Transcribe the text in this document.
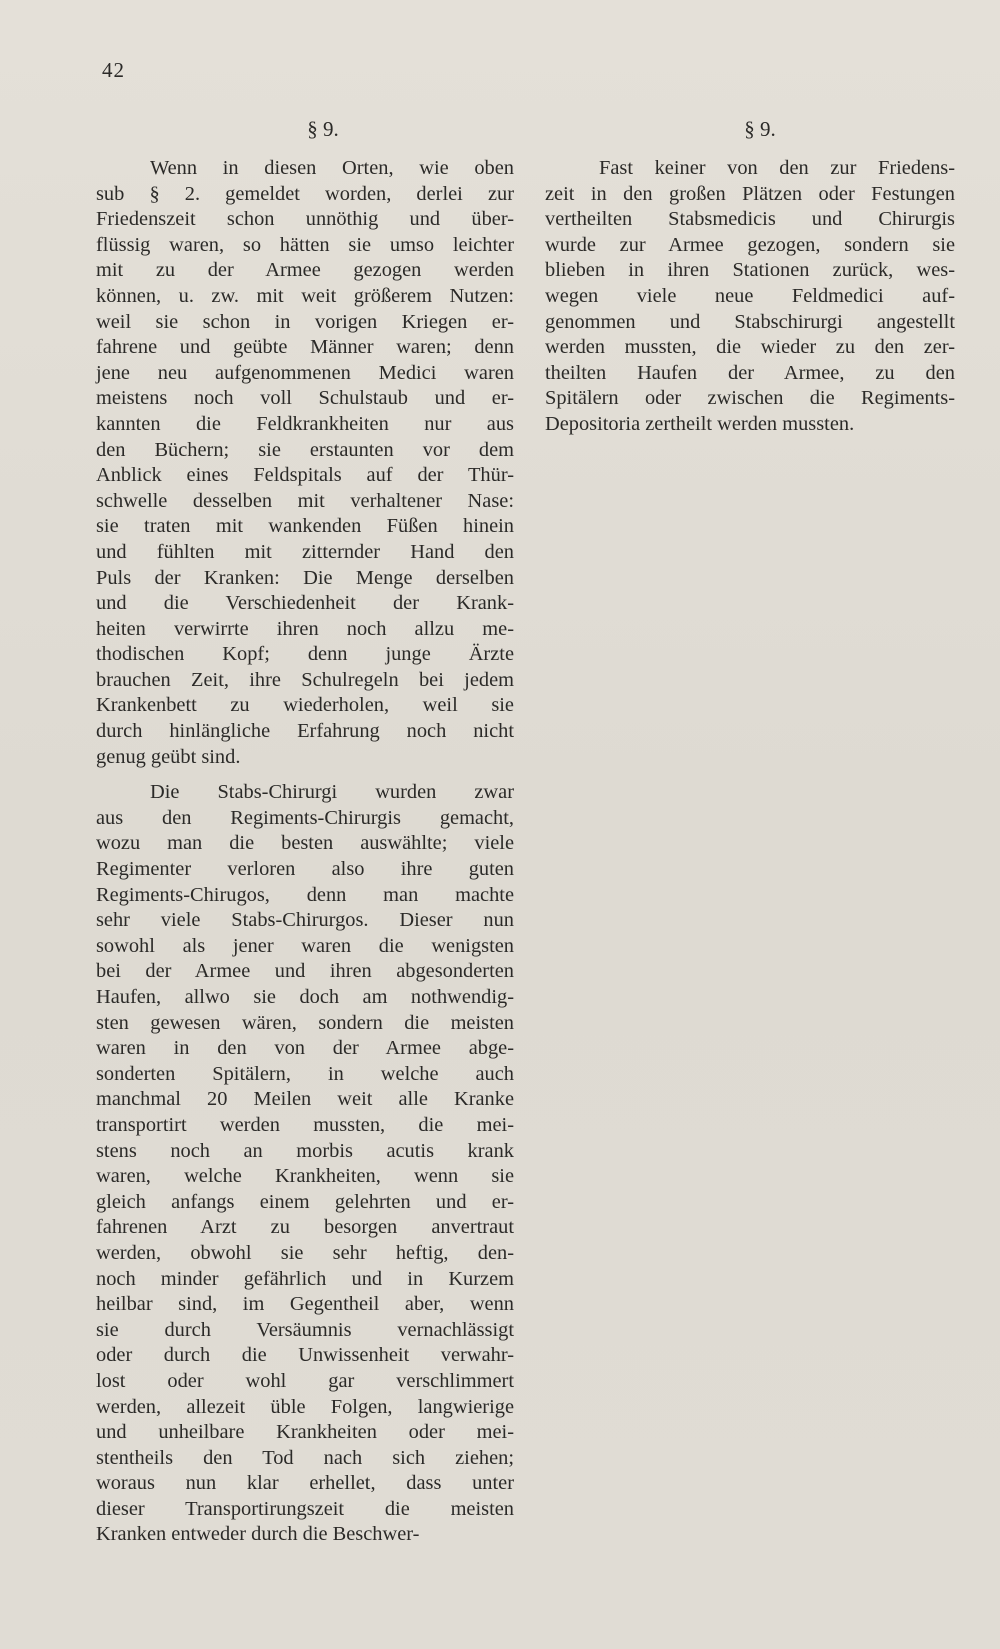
42
§ 9.
Wenn in diesen Orten, wie oben
sub § 2. gemeldet worden, derlei zur
Friedenszeit schon unnöthig und über-
flüssig waren, so hätten sie umso leichter
mit zu der Armee gezogen werden
können, u. zw. mit weit größerem Nutzen:
weil sie schon in vorigen Kriegen er-
fahrene und geübte Männer waren; denn
jene neu aufgenommenen Medici waren
meistens noch voll Schulstaub und er-
kannten die Feldkrankheiten nur aus
den Büchern; sie erstaunten vor dem
Anblick eines Feldspitals auf der Thür-
schwelle desselben mit verhaltener Nase:
sie traten mit wankenden Füßen hinein
und fühlten mit zitternder Hand den
Puls der Kranken: Die Menge derselben
und die Verschiedenheit der Krank-
heiten verwirrte ihren noch allzu me-
thodischen Kopf; denn junge Ärzte
brauchen Zeit, ihre Schulregeln bei jedem
Krankenbett zu wiederholen, weil sie
durch hinlängliche Erfahrung noch nicht
genug geübt sind.
Die Stabs-Chirurgi wurden zwar
aus den Regiments-Chirurgis gemacht,
wozu man die besten auswählte; viele
Regimenter verloren also ihre guten
Regiments-Chirugos, denn man machte
sehr viele Stabs-Chirurgos. Dieser nun
sowohl als jener waren die wenigsten
bei der Armee und ihren abgesonderten
Haufen, allwo sie doch am nothwendig-
sten gewesen wären, sondern die meisten
waren in den von der Armee abge-
sonderten Spitälern, in welche auch
manchmal 20 Meilen weit alle Kranke
transportirt werden mussten, die mei-
stens noch an morbis acutis krank
waren, welche Krankheiten, wenn sie
gleich anfangs einem gelehrten und er-
fahrenen Arzt zu besorgen anvertraut
werden, obwohl sie sehr heftig, den-
noch minder gefährlich und in Kurzem
heilbar sind, im Gegentheil aber, wenn
sie durch Versäumnis vernachlässigt
oder durch die Unwissenheit verwahr-
lost oder wohl gar verschlimmert
werden, allezeit üble Folgen, langwierige
und unheilbare Krankheiten oder mei-
stentheils den Tod nach sich ziehen;
woraus nun klar erhellet, dass unter
dieser Transportirungszeit die meisten
Kranken entweder durch die Beschwer-
§ 9.
Fast keiner von den zur Friedens-
zeit in den großen Plätzen oder Festungen
vertheilten Stabsmedicis und Chirurgis
wurde zur Armee gezogen, sondern sie
blieben in ihren Stationen zurück, wes-
wegen viele neue Feldmedici auf-
genommen und Stabschirurgi angestellt
werden mussten, die wieder zu den zer-
theilten Haufen der Armee, zu den
Spitälern oder zwischen die Regiments-
Depositoria zertheilt werden mussten.
